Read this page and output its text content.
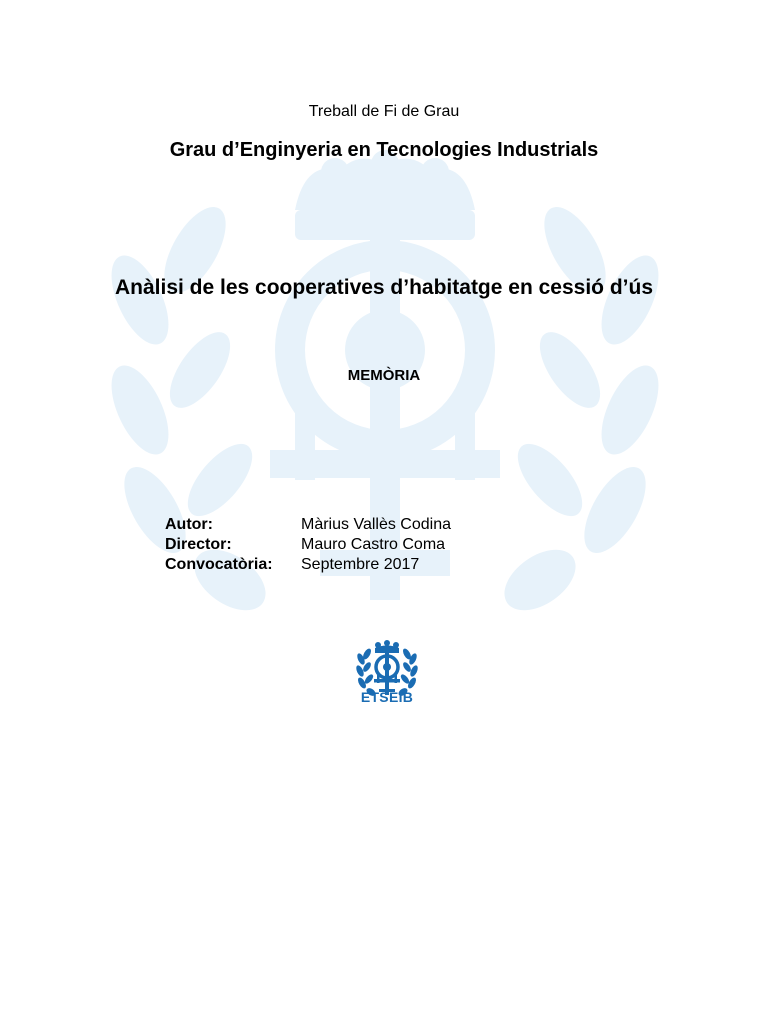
Treball de Fi de Grau
Grau d’Enginyeria en Tecnologies Industrials
Anàlisi de les cooperatives d’habitatge en cessió d’ús
MEMÒRIA
Autor:	Màrius Vallès Codina
Director:	Mauro Castro Coma
Convocatòria:	Septembre 2017
ETSEIB
